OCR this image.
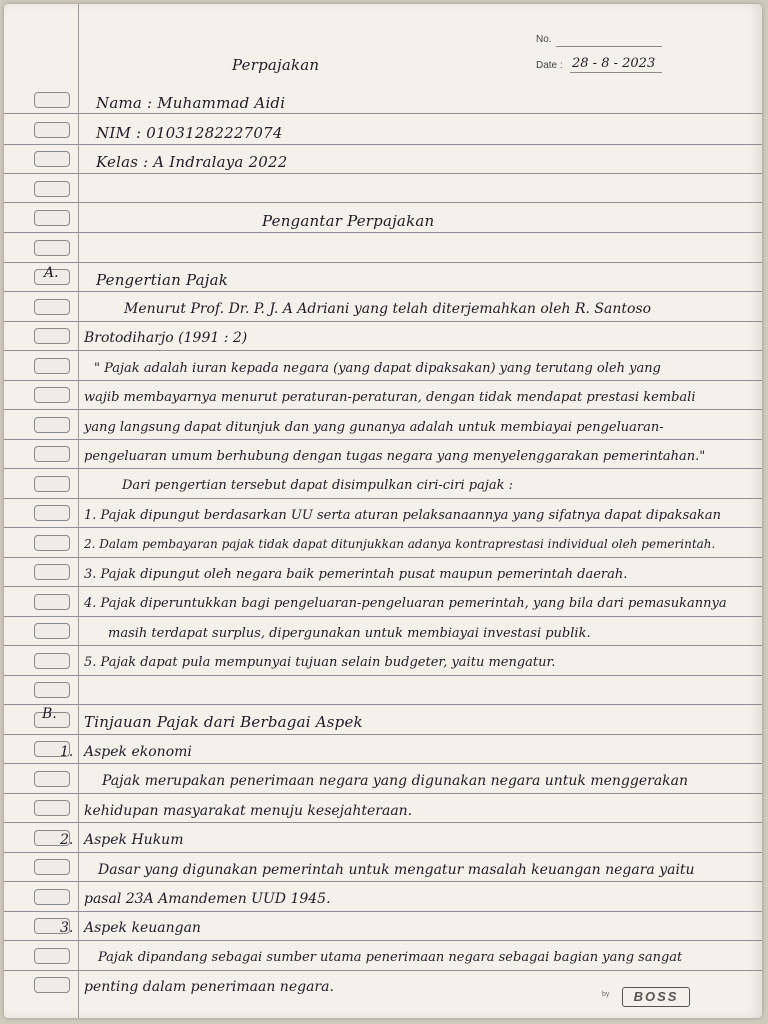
No.
Date : 28 - 8 - 2023
Perpajakan
Nama : Muhammad Aidi
NIM : 01031282227074
Kelas : A Indralaya 2022
Pengantar Perpajakan
A. Pengertian Pajak
Menurut Prof. Dr. P. J. A Adriani yang telah diterjemahkan oleh R. Santoso
Brotodiharjo (1991 : 2)
" Pajak adalah iuran kepada negara (yang dapat dipaksakan) yang terutang oleh yang
wajib membayarnya menurut peraturan-peraturan, dengan tidak mendapat prestasi kembali
yang langsung dapat ditunjuk dan yang gunanya adalah untuk membiayai pengeluaran-
pengeluaran umum berhubung dengan tugas negara yang menyelenggarakan pemerintahan."
Dari pengertian tersebut dapat disimpulkan ciri-ciri pajak :
1. Pajak dipungut berdasarkan UU serta aturan pelaksanaannya yang sifatnya dapat dipaksakan
2. Dalam pembayaran pajak tidak dapat ditunjukkan adanya kontraprestasi individual oleh pemerintah.
3. Pajak dipungut oleh negara baik pemerintah pusat maupun pemerintah daerah.
4. Pajak diperuntukkan bagi pengeluaran-pengeluaran pemerintah, yang bila dari pemasukannya
masih terdapat surplus, dipergunakan untuk membiayai investasi publik.
5. Pajak dapat pula mempunyai tujuan selain budgeter, yaitu mengatur.
B. Tinjauan Pajak dari Berbagai Aspek
1. Aspek ekonomi
Pajak merupakan penerimaan negara yang digunakan negara untuk menggerakan
kehidupan masyarakat menuju kesejahteraan.
2. Aspek Hukum
Dasar yang digunakan pemerintah untuk mengatur masalah keuangan negara yaitu
pasal 23A Amandemen UUD 1945.
3. Aspek keuangan
Pajak dipandang sebagai sumber utama penerimaan negara sebagai bagian yang sangat
penting dalam penerimaan negara.	by	BOSS
